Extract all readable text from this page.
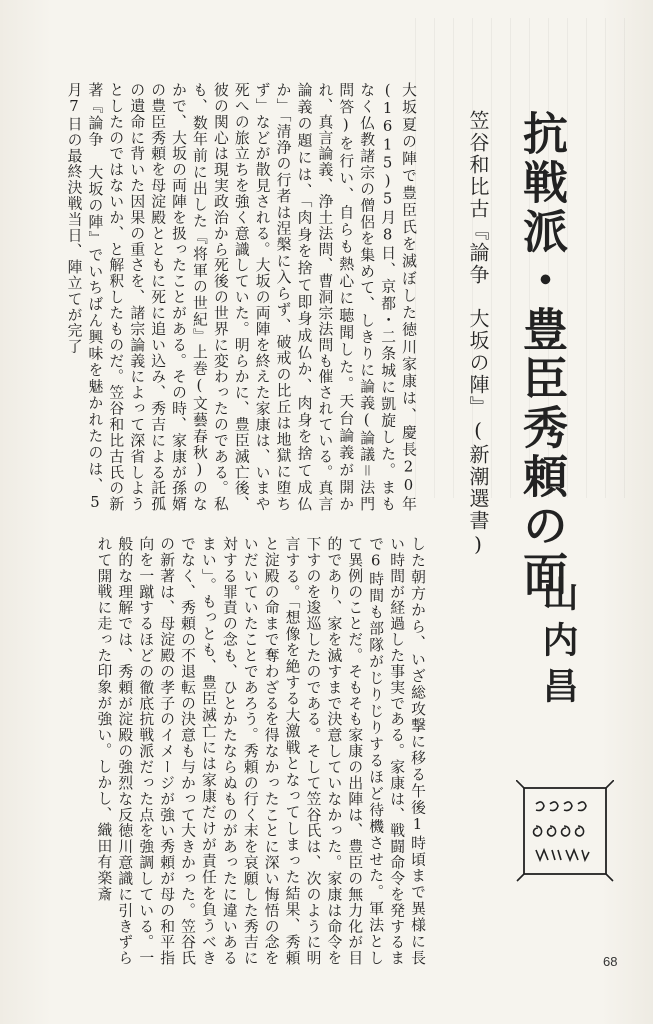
抗戦派・豊臣秀頼の面
笠谷和比古『論争　大坂の陣』(新潮選書)
山内昌
大坂夏の陣で豊臣氏を滅ぼした徳川家康は、慶長20年(1615)5月8日、京都・二条城に凱旋した。まもなく仏教諸宗の僧侶を集めて、しきりに論義(論議＝法門問答)を行い、自らも熱心に聴聞した。天台論義が開かれ、真言論義、浄土法問、曹洞宗法問も催されている。真言論義の題には、「肉身を捨て即身成仏か、肉身を捨て成仏か」「清浄の行者は涅槃に入らず、破戒の比丘は地獄に堕ちず」などが散見される。大坂の両陣を終えた家康は、いまや死への旅立ちを強く意識していた。明らかに、豊臣滅亡後、彼の関心は現実政治から死後の世界に変わったのである。私も、数年前に出した『将軍の世紀』上巻(文藝春秋)のなかで、大坂の両陣を扱ったことがある。その時、家康が孫婿の豊臣秀頼を母淀殿とともに死に追い込み、秀吉による託孤の遺命に背いた因果の重さを、諸宗論義によって深省しようとしたのではないか、と解釈したものだ。笠谷和比古氏の新著『論争　大坂の陣』でいちばん興味を魅かれたのは、5月7日の最終決戦当日、陣立てが完了
した朝方から、いざ総攻撃に移る午後1時頃まで異様に長い時間が経過した事実である。家康は、戦闘命令を発するまで6時間も部隊がじりじりするほど待機させた。軍法として異例のことだ。そもそも家康の出陣は、豊臣の無力化が目的であり、家を滅すまで決意していなかった。家康は命令を下すのを逡巡したのである。そして笠谷氏は、次のように明言する。「想像を絶する大激戦となってしまった結果、秀頼と淀殿の命まで奪わざるを得なかったことに深い悔悟の念をいだいていたことであろう。秀頼の行く末を哀願した秀吉に対する罪責の念も、ひとかたならぬものがあったに違いあるまい」。もっとも、豊臣滅亡には家康だけが責任を負うべきでなく、秀頼の不退転の決意も与かって大きかった。笠谷氏の新著は、母淀殿の孝子のイメージが強い秀頼が母の和平指向を一蹴するほどの徹底抗戦派だった点を強調している。一般的な理解では、秀頼が淀殿の強烈な反徳川意識に引きずられて開戦に走った印象が強い。しかし、織田有楽斎
68
